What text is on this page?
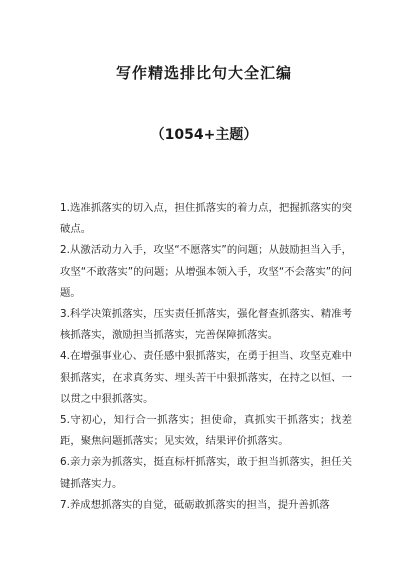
写作精选排比句大全汇编
（1054+主题）

1.选准抓落实的切入点，担住抓落实的着力点，把握抓落实的突破点。

2.从激活动力入手，攻坚“不愿落实”的问题；从鼓励担当入手，攻坚“不敢落实”的问题；从增强本领入手，攻坚“不会落实”的问题。

3.科学决策抓落实，压实责任抓落实，强化督查抓落实、精准考核抓落实，激励担当抓落实，完善保障抓落实。

4.在增强事业心、责任感中狠抓落实，在勇于担当、攻坚克难中狠抓落实，在求真务实、埋头苦干中狠抓落实，在持之以恒、一以贯之中狠抓落实。

5.守初心，知行合一抓落实；担使命，真抓实干抓落实；找差距，聚焦问题抓落实；见实效，结果评价抓落实。

6.亲力亲为抓落实，挺直标杆抓落实，敢于担当抓落实，担任关键抓落实力。

7.养成想抓落实的自觉，砥砺敢抓落实的担当，提升善抓落
